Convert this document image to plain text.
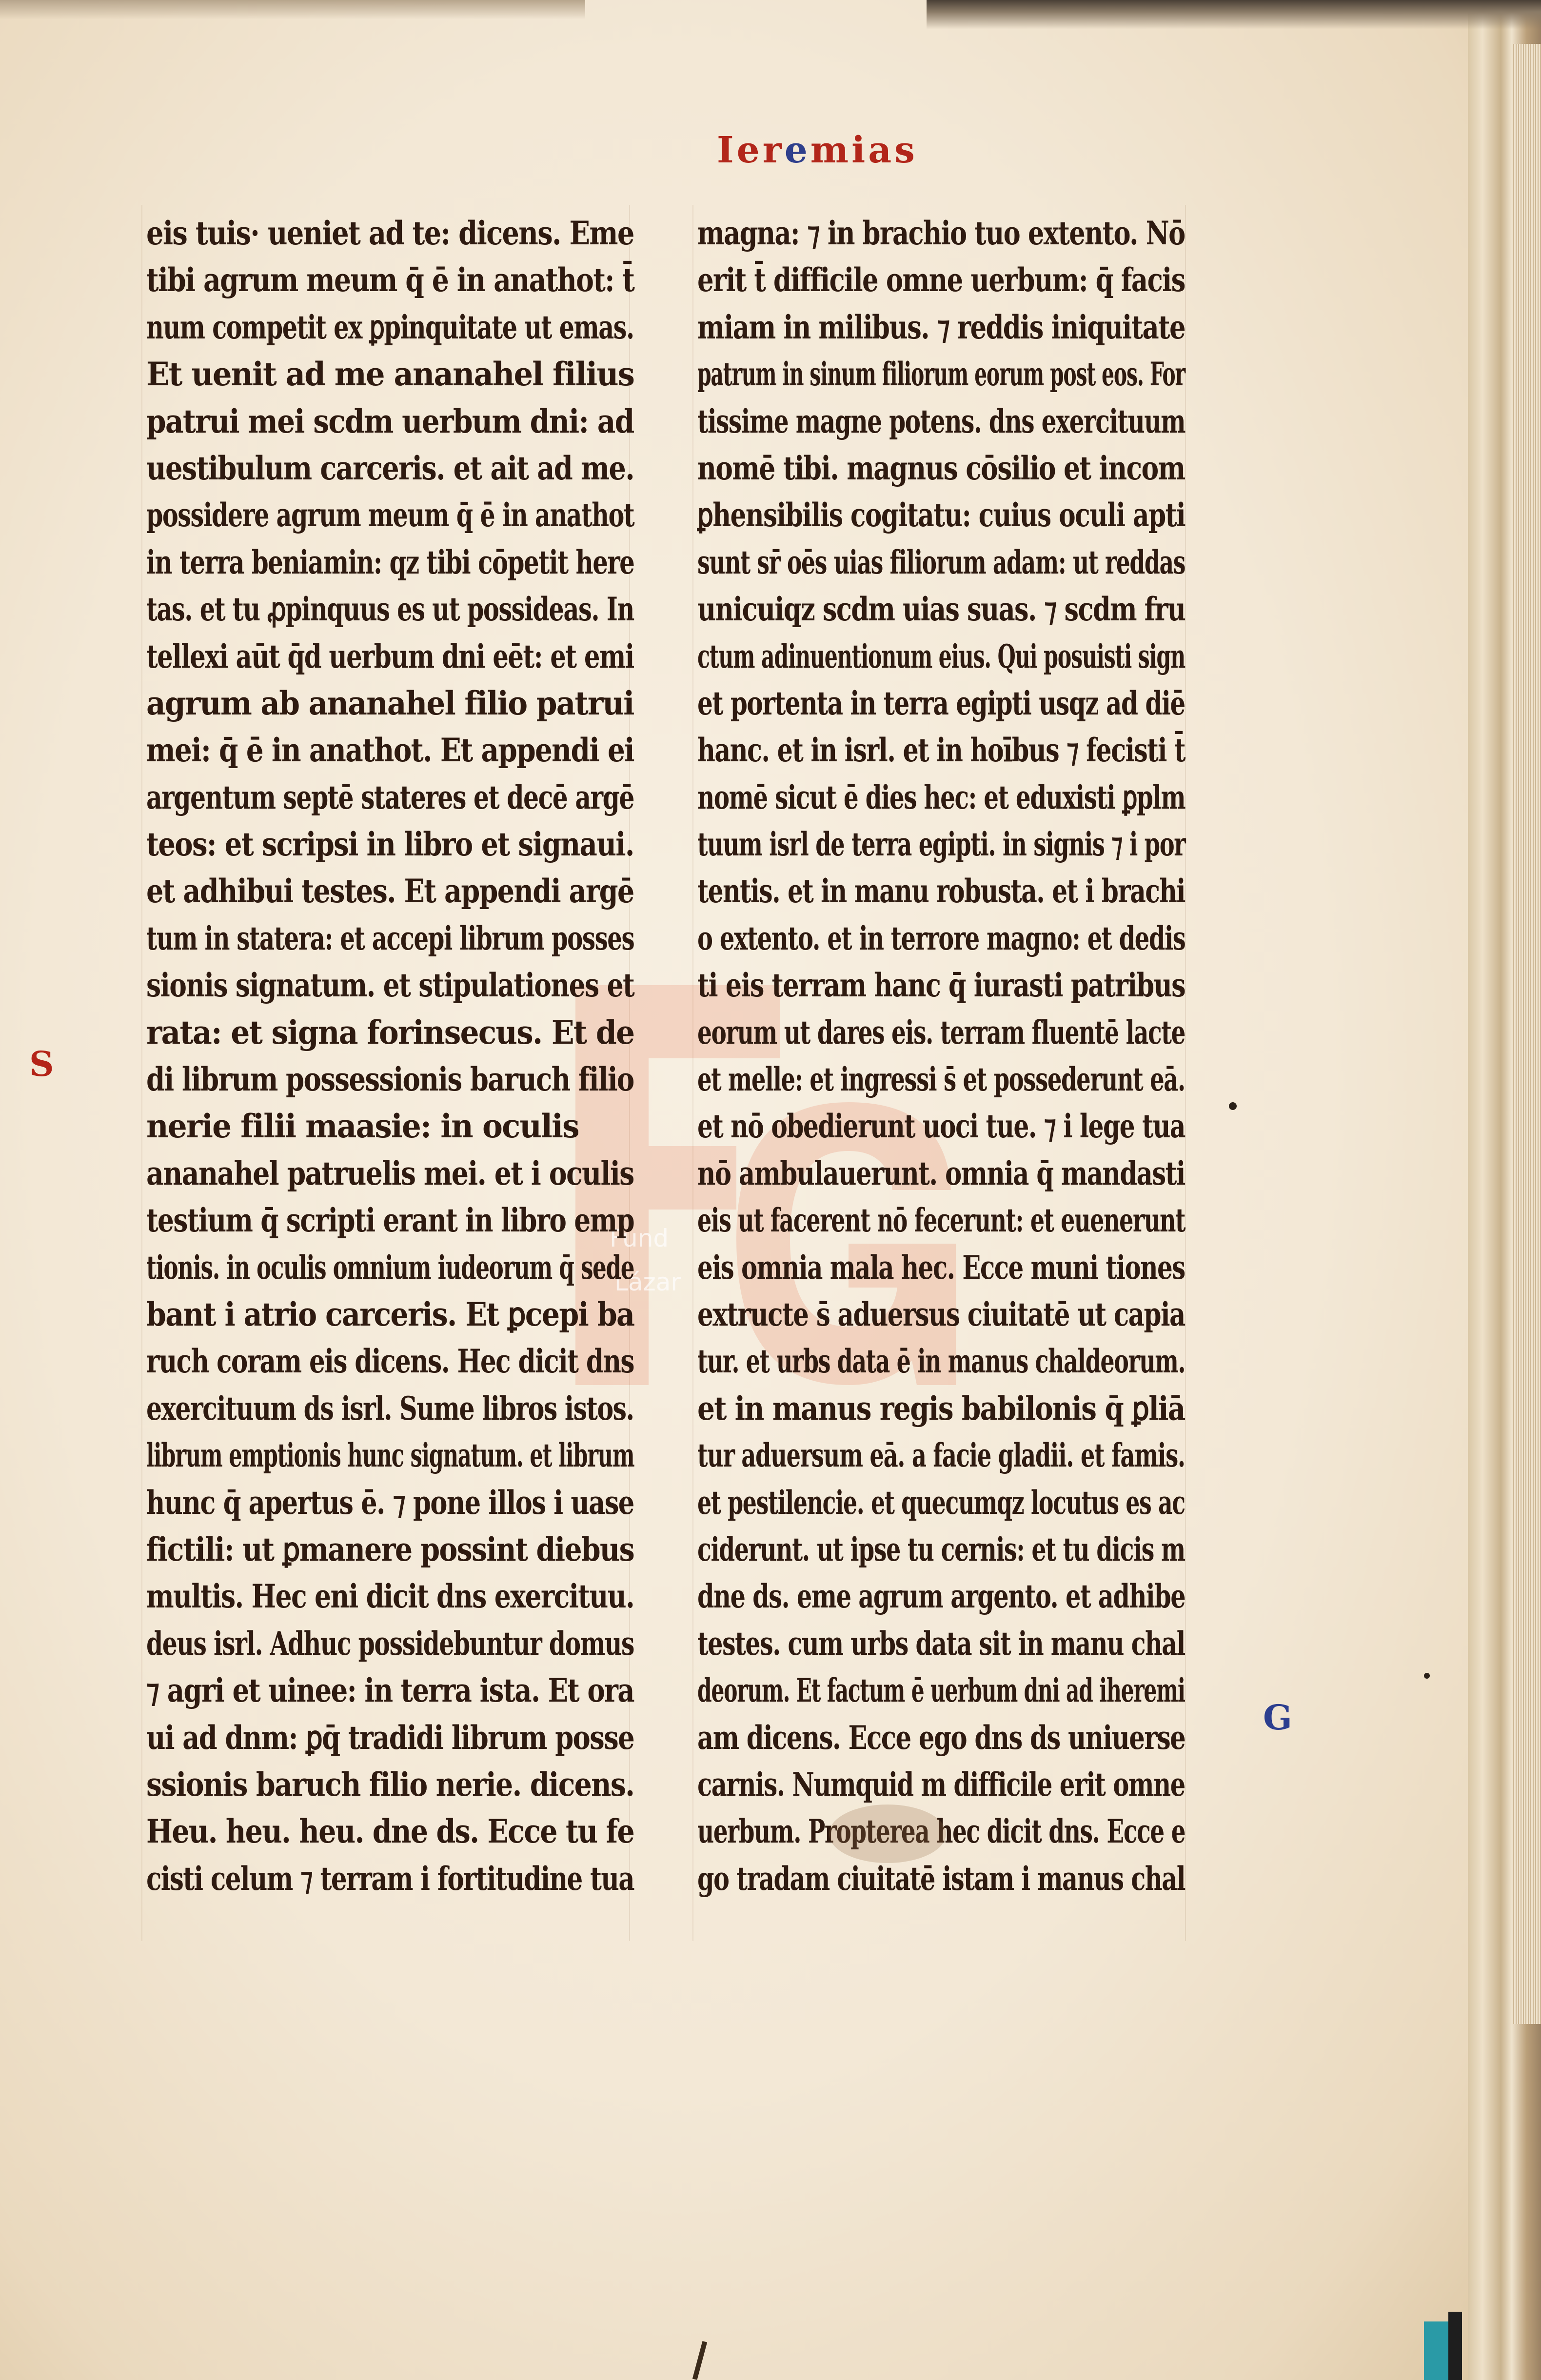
Ieremias
Fund
Lázar
eis tuis· ueniet ad te: dicens. Eme
tibi agrum meum q̄ ē in anathot: t̄
num competit ex ꝑpinquitate ut emas.
Et uenit ad me ananahel filius
patrui mei scdm uerbum dni: ad
uestibulum carceris. et ait ad me.
possidere agrum meum q̄ ē in anathot
in terra beniamin: qz tibi cōpetit here
tas. et tu ꝓpinquus es ut possideas. In
tellexi aūt q̄d uerbum dni eēt: et emi
agrum ab ananahel filio patrui
mei: q̄ ē in anathot. Et appendi ei
argentum septē stateres et decē argē
teos: et scripsi in libro et signaui.
et adhibui testes. Et appendi argē
tum in statera: et accepi librum posses
sionis signatum. et stipulationes et
rata: et signa forinsecus. Et de
di librum possessionis baruch filio
nerie filii maasie: in oculis
ananahel patruelis mei. et i oculis
testium q̄ scripti erant in libro emp
tionis. in oculis omnium iudeorum q̄ sede
bant i atrio carceris. Et ꝑcepi ba
ruch coram eis dicens. Hec dicit dns
exercituum ds isrl. Sume libros istos.
librum emptionis hunc signatum. et librum
hunc q̄ apertus ē. ⁊ pone illos i uase
fictili: ut ꝑmanere possint diebus
multis. Hec eni dicit dns exercituu.
deus isrl. Adhuc possidebuntur domus
⁊ agri et uinee: in terra ista. Et ora
ui ad dnm: ꝑq̄ tradidi librum posse
ssionis baruch filio nerie. dicens.
Heu. heu. heu. dne ds. Ecce tu fe
cisti celum ⁊ terram i fortitudine tua
magna: ⁊ in brachio tuo extento. Nō
erit t̄ difficile omne uerbum: q̄ facis
miam in milibus. ⁊ reddis iniquitate
patrum in sinum filiorum eorum post eos. For
tissime magne potens. dns exercituum
nomē tibi. magnus cōsilio et incom
ꝑhensibilis cogitatu: cuius oculi apti
sunt sr̄ oēs uias filiorum adam: ut reddas
unicuiqz scdm uias suas. ⁊ scdm fru
ctum adinuentionum eius. Qui posuisti sign
et portenta in terra egipti usqz ad diē
hanc. et in isrl. et in hoībus ⁊ fecisti t̄
nomē sicut ē dies hec: et eduxisti ꝑplm
tuum isrl de terra egipti. in signis ⁊ i por
tentis. et in manu robusta. et i brachi
o extento. et in terrore magno: et dedis
ti eis terram hanc q̄ iurasti patribus
eorum ut dares eis. terram fluentē lacte
et melle: et ingressi s̄ et possederunt eā.
et nō obedierunt uoci tue. ⁊ i lege tua
nō ambulauerunt. omnia q̄ mandasti
eis ut facerent nō fecerunt: et euenerunt
eis omnia mala hec. Ecce muni tiones
extructe s̄ aduersus ciuitatē ut capia
tur. et urbs data ē in manus chaldeorum.
et in manus regis babilonis q̄ ꝑliā
tur aduersum eā. a facie gladii. et famis.
et pestilencie. et quecumqz locutus es ac
ciderunt. ut ipse tu cernis: et tu dicis m
dne ds. eme agrum argento. et adhibe
testes. cum urbs data sit in manu chal
deorum. Et factum ē uerbum dni ad iheremi
am dicens. Ecce ego dns ds uniuerse
carnis. Numquid m difficile erit omne
uerbum. Propterea hec dicit dns. Ecce e
go tradam ciuitatē istam i manus chal
S
G
